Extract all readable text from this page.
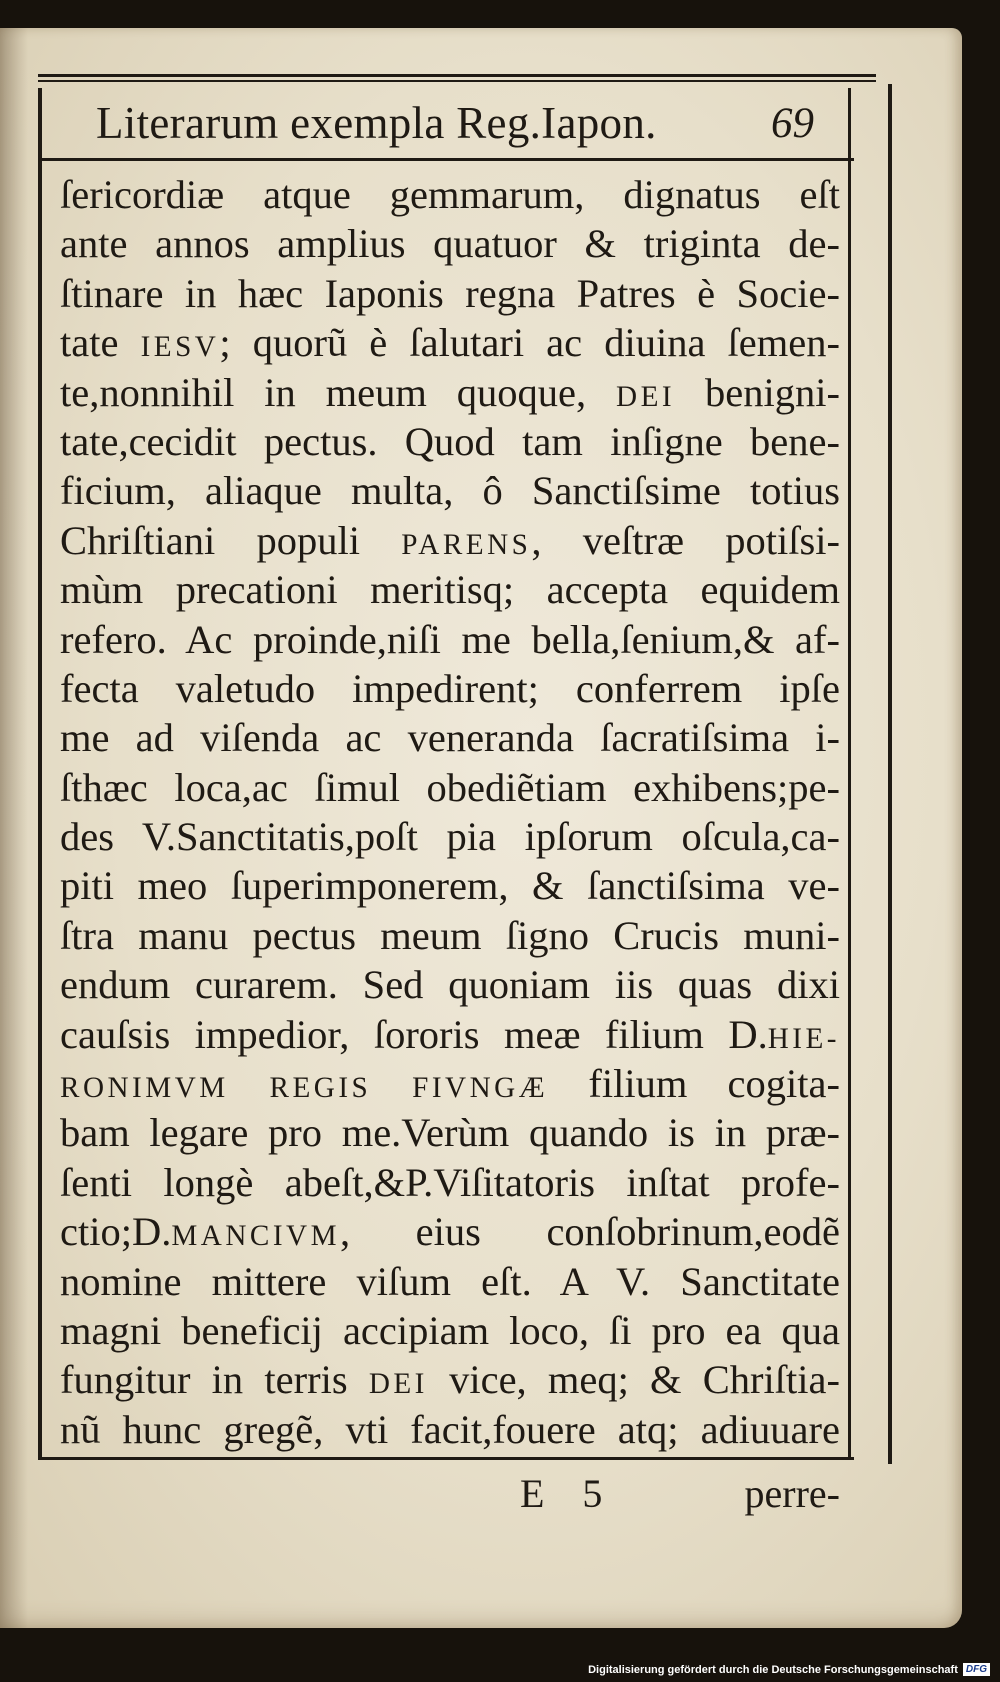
Literarum exempla Reg.Iapon.	69
ſericordiæ atque gemmarum, dignatus eſt
ante annos amplius quatuor & triginta de-
ſtinare in hæc Iaponis regna Patres è Socie-
tate IESV; quorũ è ſalutari ac diuina ſemen-
te,nonnihil in meum quoque, DEI benigni-
tate,cecidit pectus. Quod tam inſigne bene-
ficium, aliaque multa, ô Sanctiſsime totius
Chriſtiani populi PARENS, veſtræ potiſsi-
mùm precationi meritisq; accepta equidem
refero. Ac proinde,niſi me bella,ſenium,& af-
fecta valetudo impedirent; conferrem ipſe
me ad viſenda ac veneranda ſacratiſsima i-
ſthæc loca,ac ſimul obediẽtiam exhibens;pe-
des V.Sanctitatis,poſt pia ipſorum oſcula,ca-
piti meo ſuperimponerem, & ſanctiſsima ve-
ſtra manu pectus meum ſigno Crucis muni-
endum curarem. Sed quoniam iis quas dixi
cauſsis impedior, ſororis meæ filium D.HIE-
RONIMVM REGIS FIVNGÆ filium cogita-
bam legare pro me.Verùm quando is in præ-
ſenti longè abeſt,&P.Viſitatoris inſtat profe-
ctio;D.MANCIVM, eius conſobrinum,eodẽ
nomine mittere viſum eſt. A V. Sanctitate
magni beneficij accipiam loco, ſi pro ea qua
fungitur in terris DEI vice, meq; & Chriſtia-
nũ hunc gregẽ, vti facit,fouere atq; adiuuare
E 5	perre-
Digitalisierung gefördert durch die Deutsche Forschungsgemeinschaft DFG
